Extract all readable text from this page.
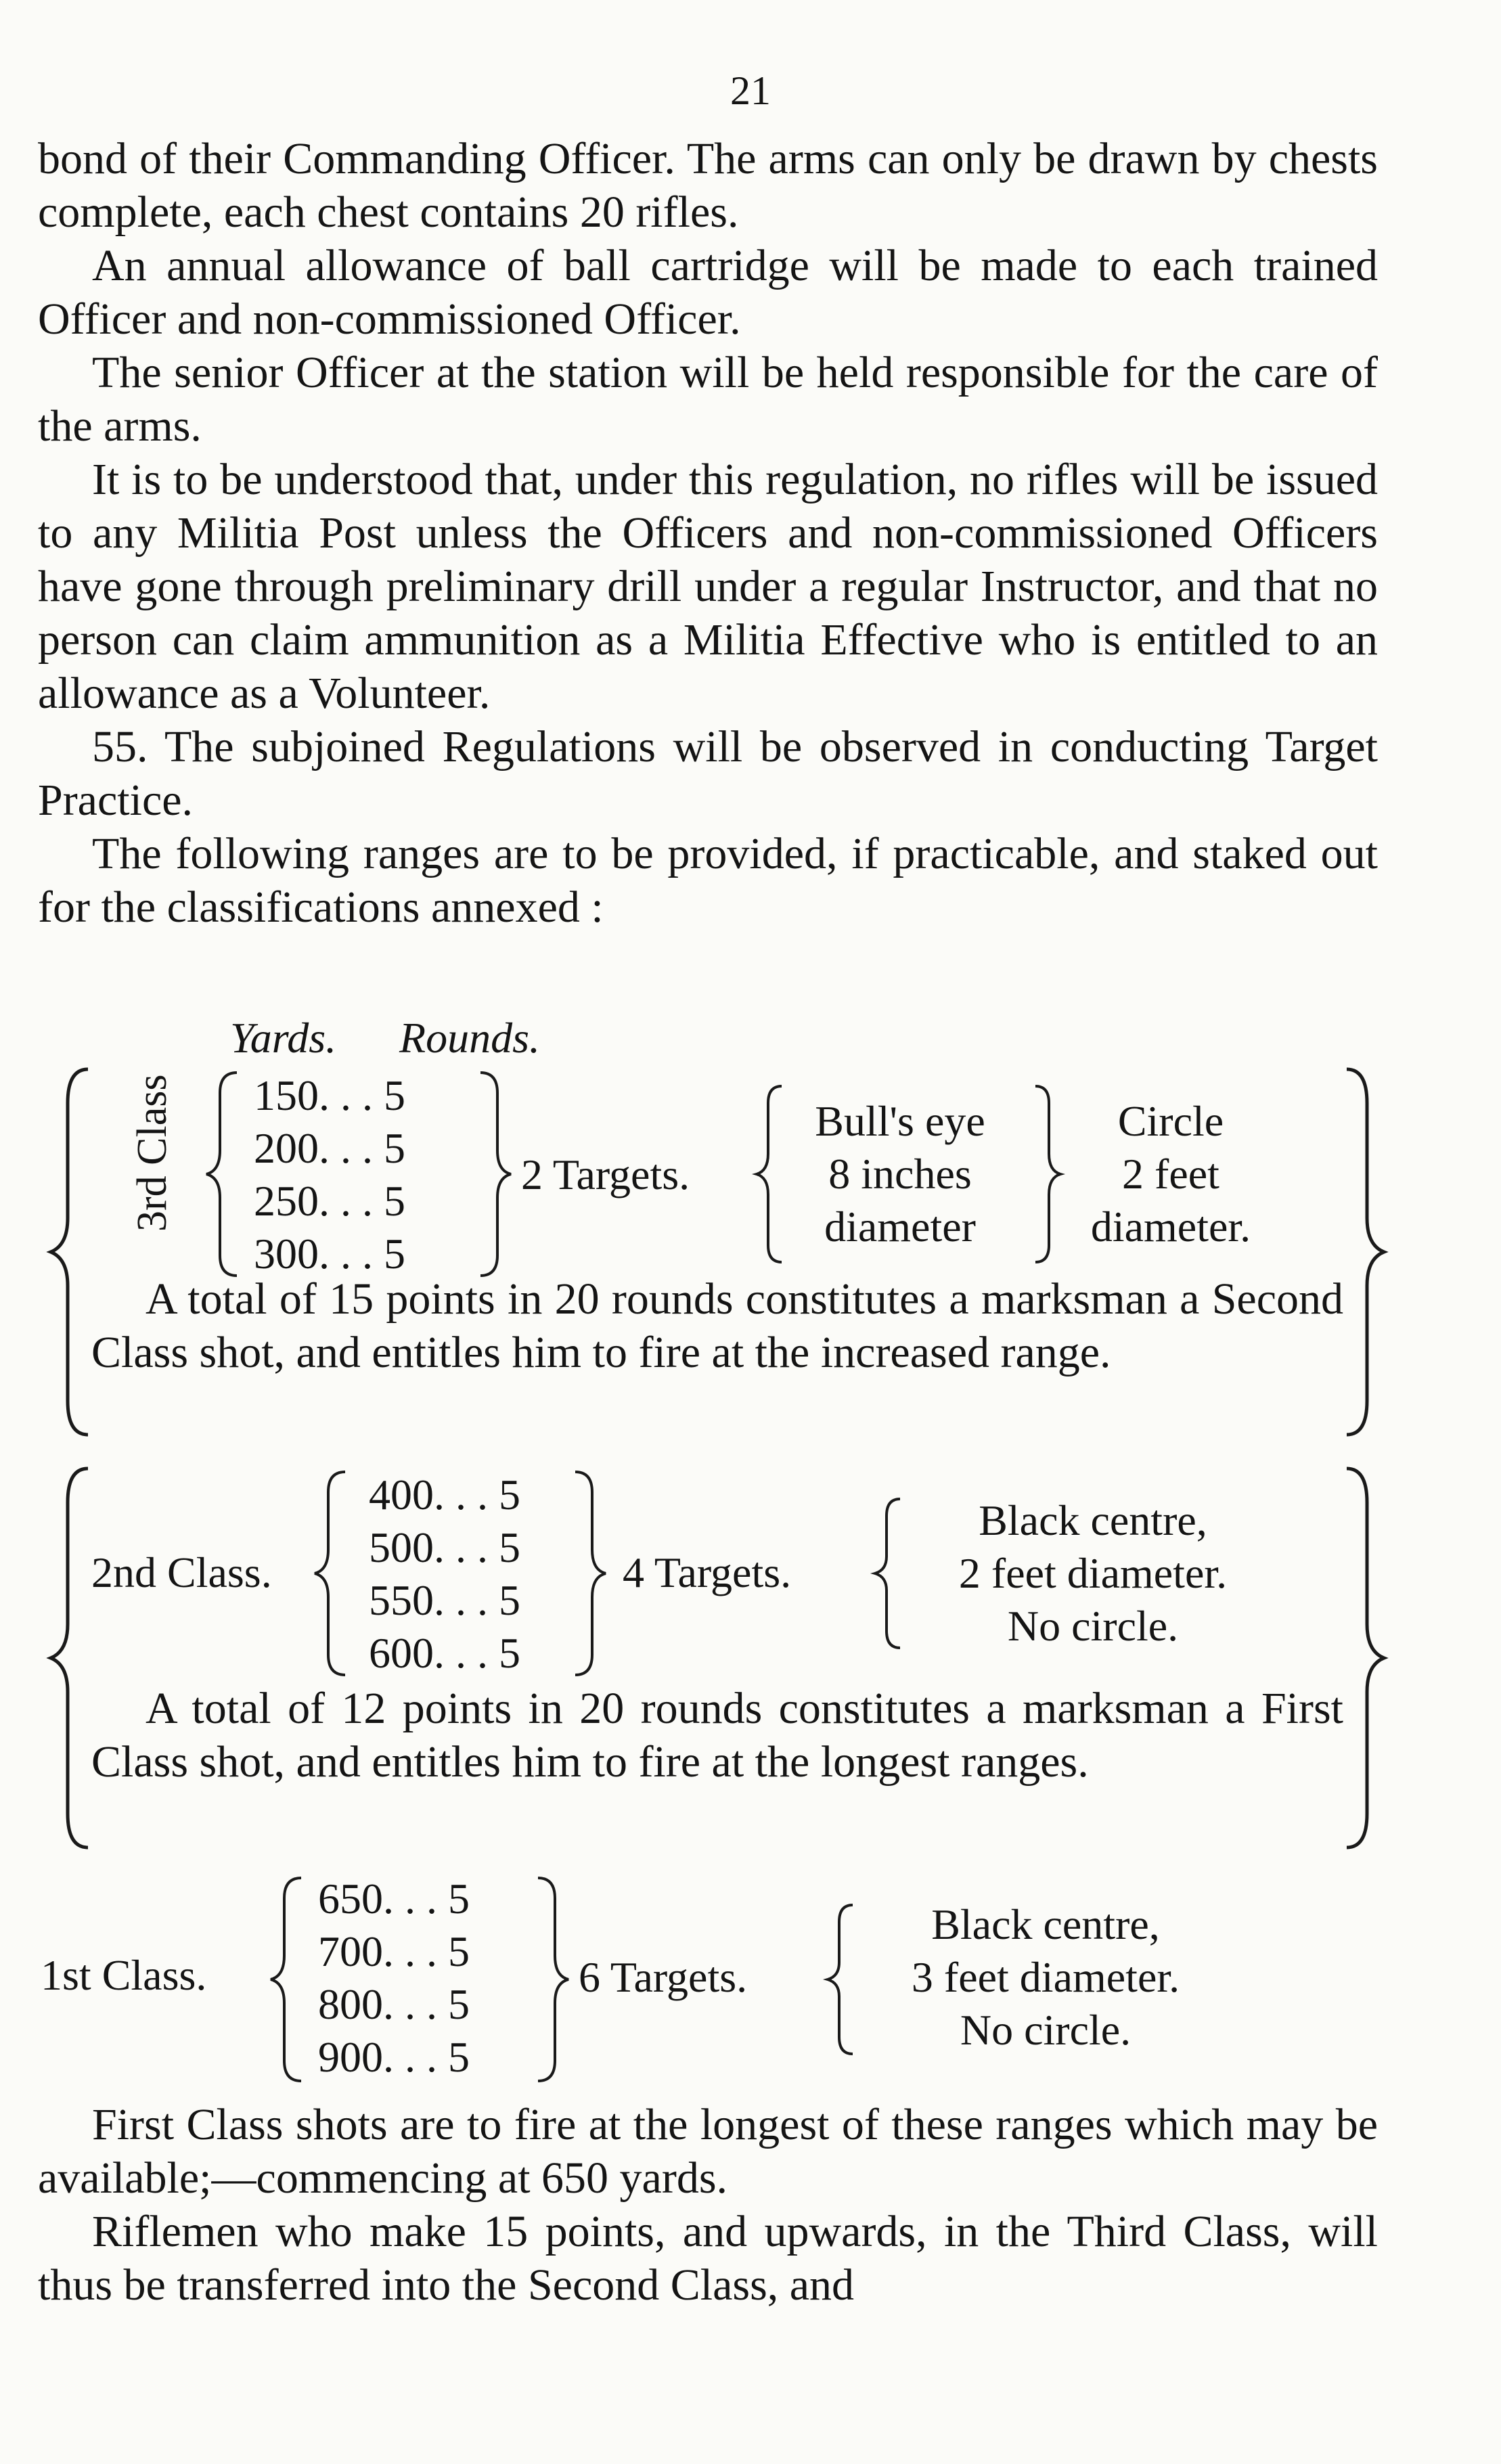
21

bond of their Commanding Officer. The arms can only be drawn by chests complete, each chest contains 20 rifles.

An annual allowance of ball cartridge will be made to each trained Officer and non-commissioned Officer.

The senior Officer at the station will be held responsible for the care of the arms.

It is to be understood that, under this regulation, no rifles will be issued to any Militia Post unless the Officers and non-commissioned Officers have gone through preliminary drill under a regular Instructor, and that no person can claim ammunition as a Militia Effective who is entitled to an allowance as a Volunteer.

55. The subjoined Regulations will be observed in conducting Target Practice.

The following ranges are to be provided, if practicable, and staked out for the classifications annexed :

Yards. Rounds.
3rd Class 150. . . 5
200. . . 5
250. . . 5
300. . . 5
2 Targets.
Bull's eye
8 inches
diameter
Circle
2 feet
diameter.
A total of 15 points in 20 rounds constitutes a marksman a Second Class shot, and entitles him to fire at the increased range.
2nd Class.
400. . . 5
500. . . 5
550. . . 5
600. . . 5
4 Targets.
Black centre,
2 feet diameter.
No circle.
A total of 12 points in 20 rounds constitutes a marksman a First Class shot, and entitles him to fire at the longest ranges.
1st Class.
650. . . 5
700. . . 5
800. . . 5
900. . . 5
6 Targets.
Black centre,
3 feet diameter.
No circle.

First Class shots are to fire at the longest of these ranges which may be available;—commencing at 650 yards.

Riflemen who make 15 points, and upwards, in the Third Class, will thus be transferred into the Second Class, and
